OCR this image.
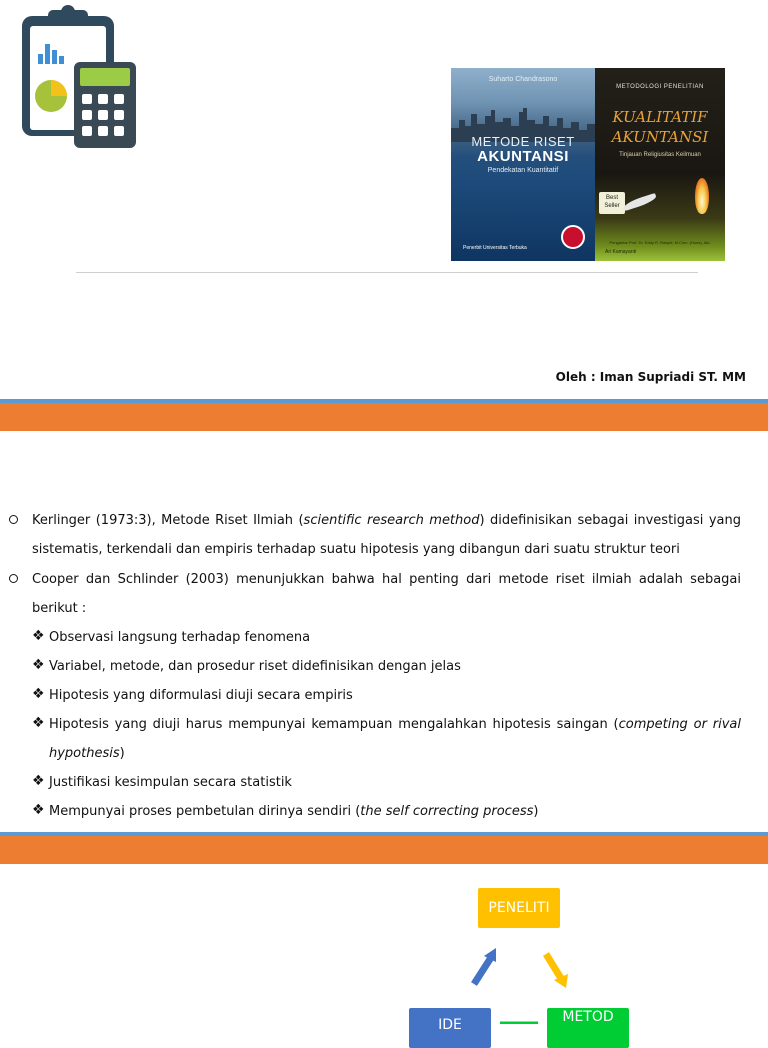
Suharto Chandrasono
METODE RISET
AKUNTANSI
Pendekatan Kuantitatif
Penerbit Universitas Terbuka
METODOLOGI PENELITIAN
KUALITATIF
AKUNTANSI
Tinjauan Religiusitas Keilmuan
Best Seller
Pengantar Prof. Dr. Eddy R. Rasyid, M.Com. (Hons), Akt.
Ari Kamayanti
Oleh : Iman Supriadi ST. MM
Kerlinger (1973:3), Metode Riset Ilmiah (scientific research method) didefinisikan sebagai investigasi yang
sistematis, terkendali dan empiris terhadap suatu hipotesis yang dibangun dari suatu struktur teori
Cooper dan Schlinder (2003) menunjukkan bahwa hal penting dari metode riset ilmiah adalah sebagai
berikut :
❖ Observasi langsung terhadap fenomena
❖ Variabel, metode, dan prosedur riset didefinisikan dengan jelas
❖ Hipotesis yang diformulasi diuji secara empiris
❖ Hipotesis yang diuji harus mempunyai kemampuan mengalahkan hipotesis saingan (competing or rival
hypothesis)
❖ Justifikasi kesimpulan secara statistik
❖ Mempunyai proses pembetulan dirinya sendiri (the self correcting process)
PENELITI
IDE	METOD
